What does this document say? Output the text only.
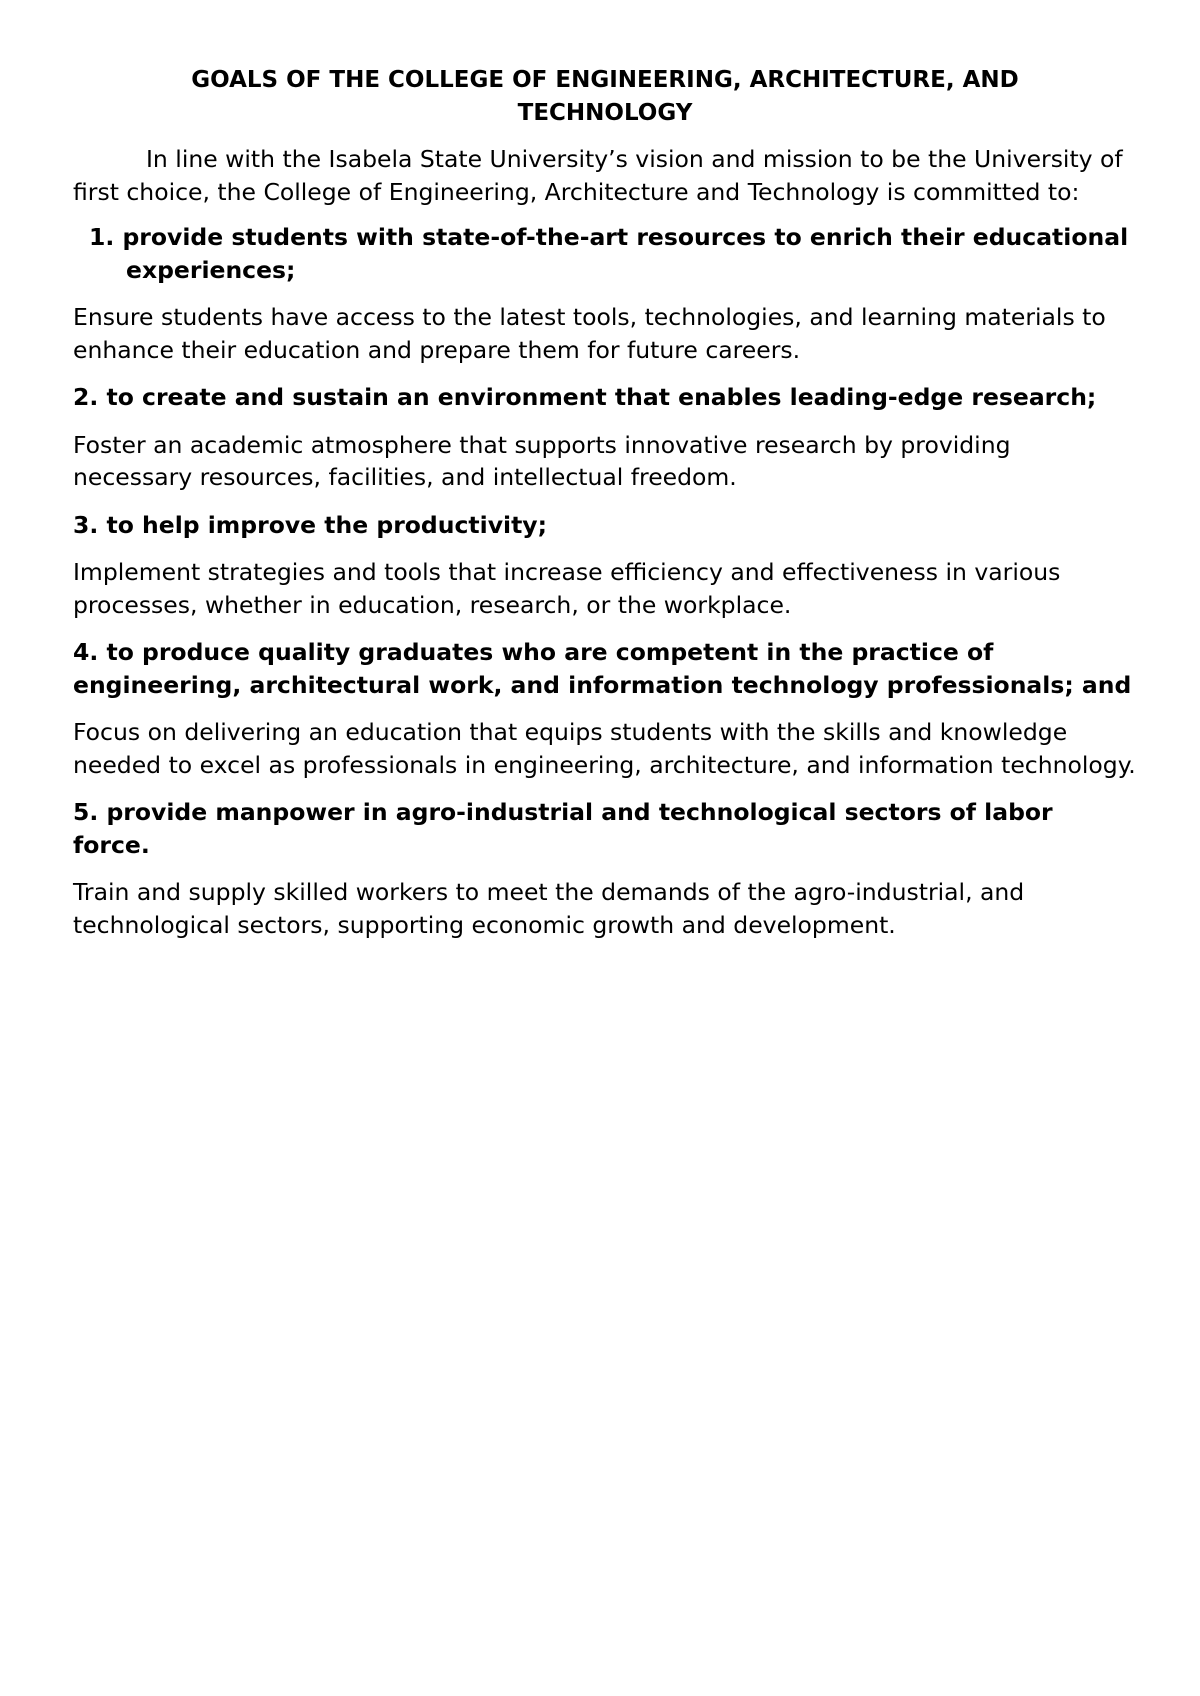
GOALS OF THE COLLEGE OF ENGINEERING, ARCHITECTURE, AND TECHNOLOGY

In line with the Isabela State University’s vision and mission to be the University of first choice, the College of Engineering, Architecture and Technology is committed to:

1. provide students with state-of-the-art resources to enrich their educational experiences;

Ensure students have access to the latest tools, technologies, and learning materials to enhance their education and prepare them for future careers.

2. to create and sustain an environment that enables leading-edge research;

Foster an academic atmosphere that supports innovative research by providing necessary resources, facilities, and intellectual freedom.

3. to help improve the productivity;

Implement strategies and tools that increase efficiency and effectiveness in various processes, whether in education, research, or the workplace.

4. to produce quality graduates who are competent in the practice of engineering, architectural work, and information technology professionals; and

Focus on delivering an education that equips students with the skills and knowledge needed to excel as professionals in engineering, architecture, and information technology.

5. provide manpower in agro-industrial and technological sectors of labor force.

Train and supply skilled workers to meet the demands of the agro-industrial, and technological sectors, supporting economic growth and development.
